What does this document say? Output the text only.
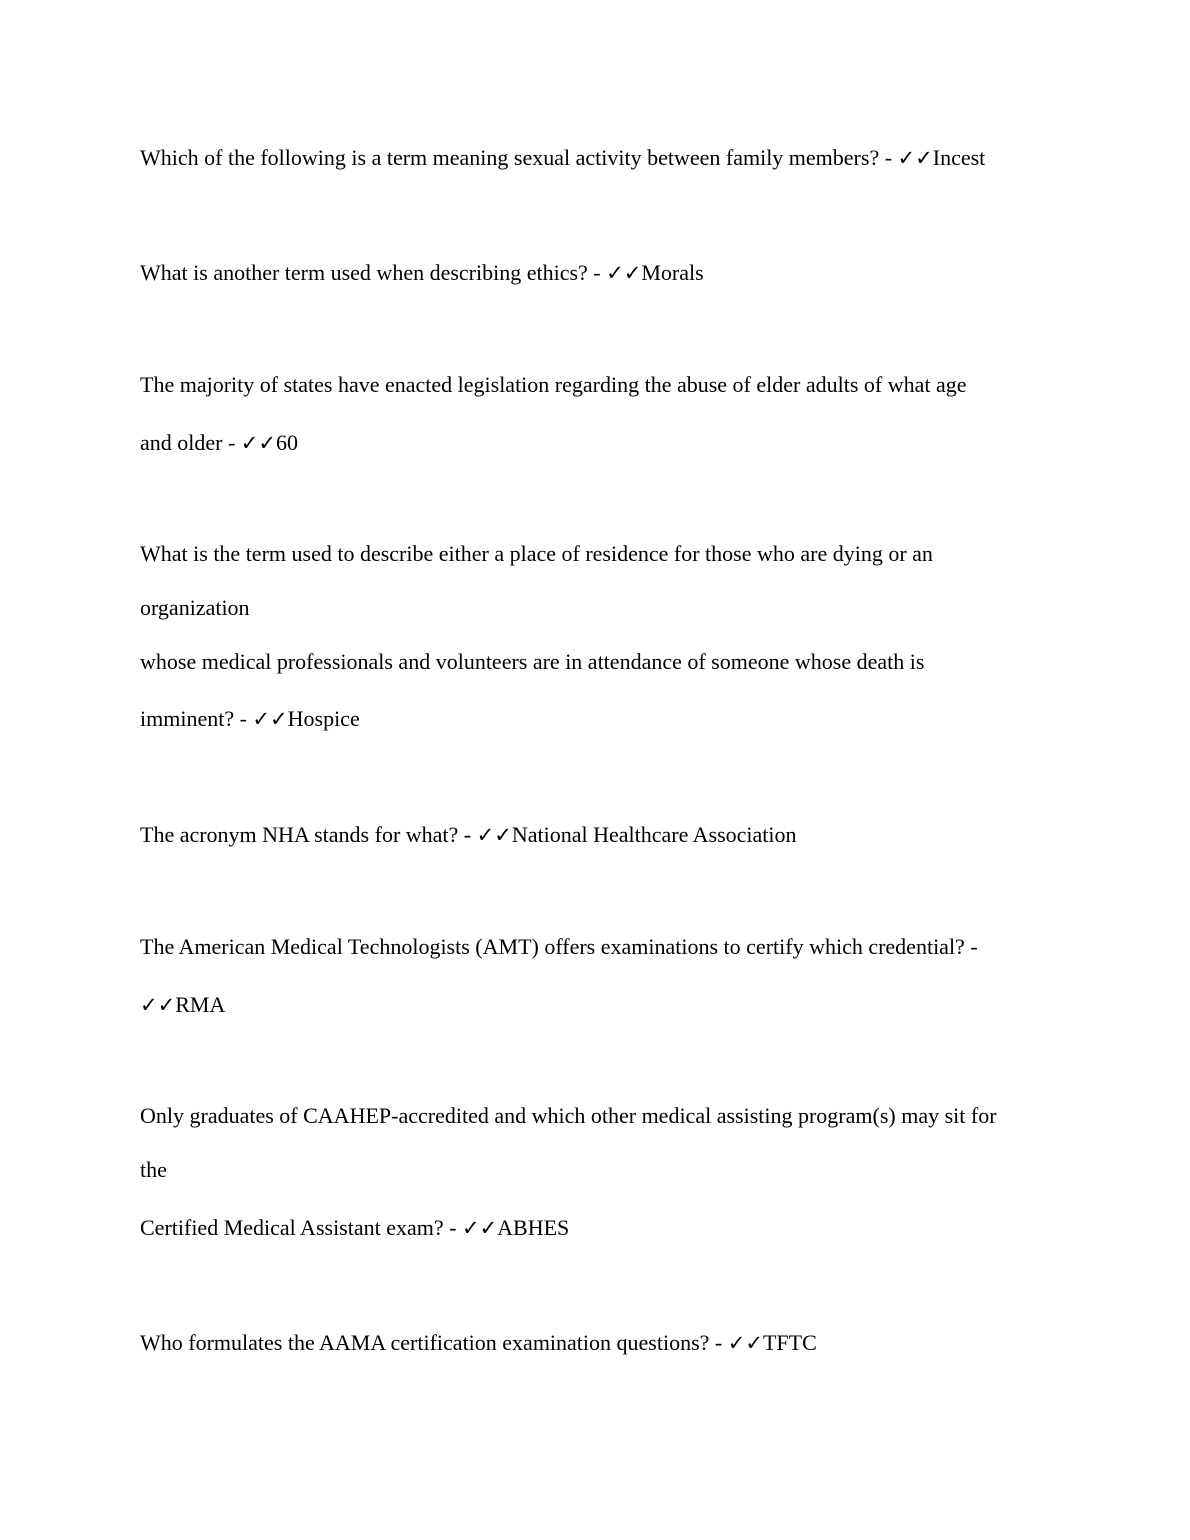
Which of the following is a term meaning sexual activity between family members? - ✓✓Incest
What is another term used when describing ethics? - ✓✓Morals
The majority of states have enacted legislation regarding the abuse of elder adults of what age
and older - ✓✓60
What is the term used to describe either a place of residence for those who are dying or an
organization
whose medical professionals and volunteers are in attendance of someone whose death is
imminent? - ✓✓Hospice
The acronym NHA stands for what? - ✓✓National Healthcare Association
The American Medical Technologists (AMT) offers examinations to certify which credential? -
✓✓RMA
Only graduates of CAAHEP-accredited and which other medical assisting program(s) may sit for
the
Certified Medical Assistant exam? - ✓✓ABHES
Who formulates the AAMA certification examination questions? - ✓✓TFTC
